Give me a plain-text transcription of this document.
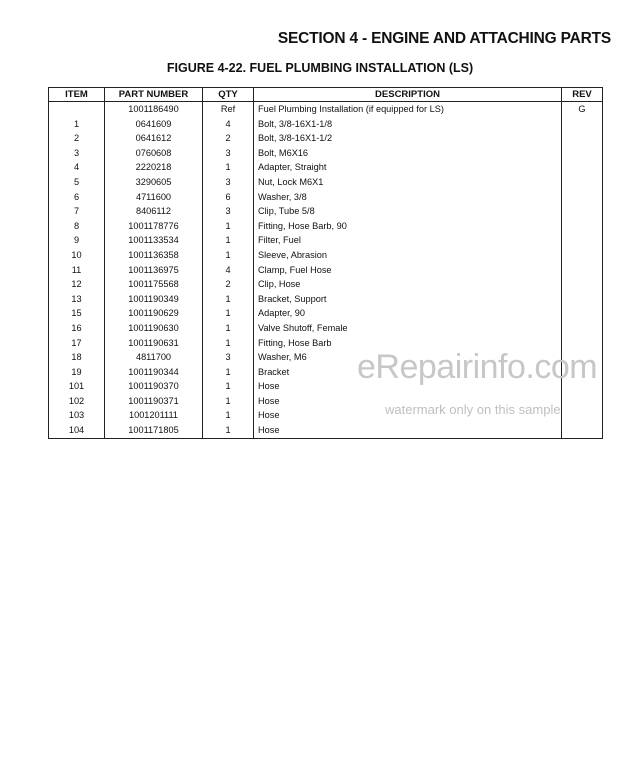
SECTION 4 - ENGINE AND ATTACHING PARTS
FIGURE 4-22. FUEL PLUMBING INSTALLATION (LS)
ITEM	PART NUMBER	QTY	DESCRIPTION	REV
	1001186490	Ref	Fuel Plumbing Installation (if equipped for LS)	G
1	0641609	4	Bolt, 3/8-16X1-1/8	
2	0641612	2	Bolt, 3/8-16X1-1/2	
3	0760608	3	Bolt, M6X16	
4	2220218	1	Adapter, Straight	
5	3290605	3	Nut, Lock M6X1	
6	4711600	6	Washer, 3/8	
7	8406112	3	Clip, Tube 5/8	
8	1001178776	1	Fitting, Hose Barb, 90	
9	1001133534	1	Filter, Fuel	
10	1001136358	1	Sleeve, Abrasion	
11	1001136975	4	Clamp, Fuel Hose	
12	1001175568	2	Clip, Hose	
13	1001190349	1	Bracket, Support	
15	1001190629	1	Adapter, 90	
16	1001190630	1	Valve Shutoff, Female	
17	1001190631	1	Fitting, Hose Barb	
18	4811700	3	Washer, M6	
19	1001190344	1	Bracket	
101	1001190370	1	Hose	
102	1001190371	1	Hose	
103	1001201111	1	Hose	
104	1001171805	1	Hose	
eRepairinfo.com
watermark only on this sample
